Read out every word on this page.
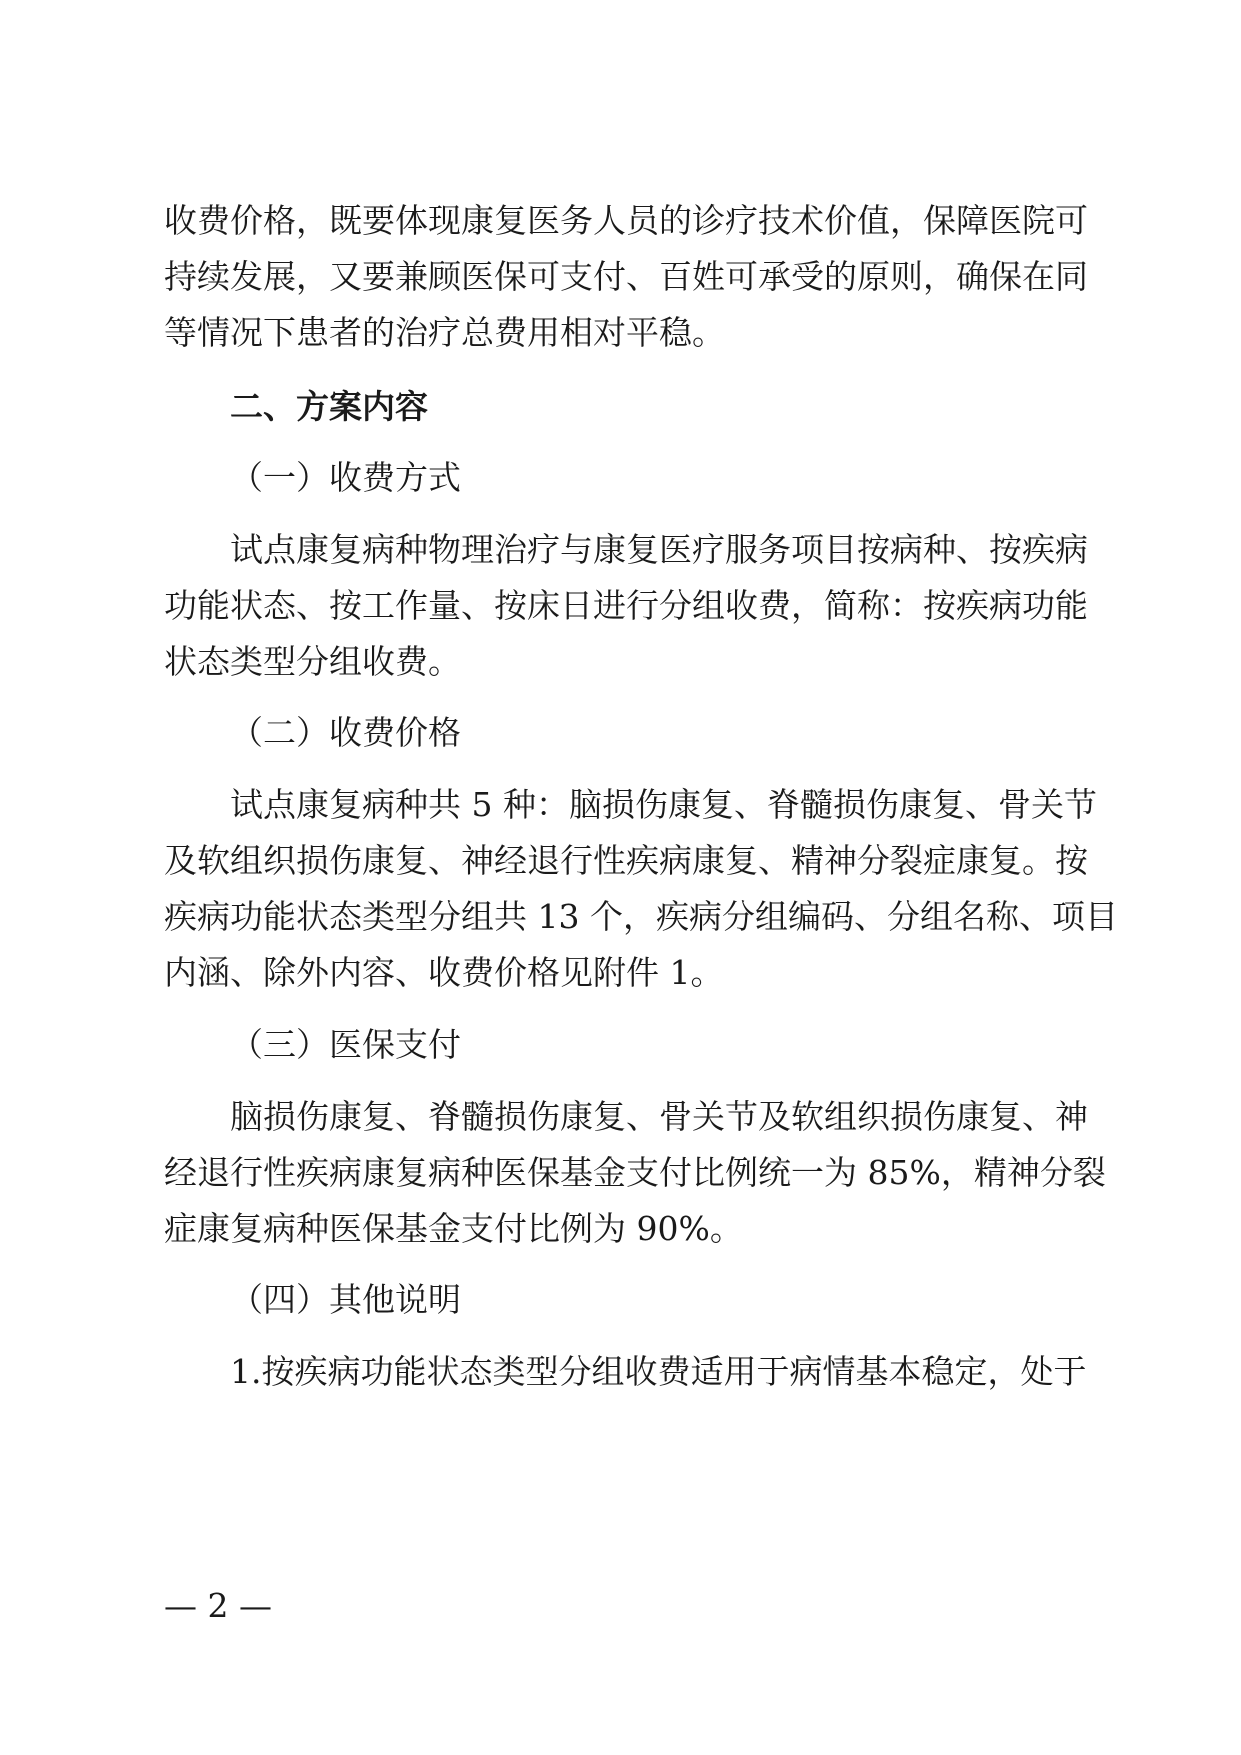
收费价格，既要体现康复医务人员的诊疗技术价值，保障医院可

持续发展，又要兼顾医保可支付、百姓可承受的原则，确保在同

等情况下患者的治疗总费用相对平稳。

二、方案内容

（一）收费方式

试点康复病种物理治疗与康复医疗服务项目按病种、按疾病

功能状态、按工作量、按床日进行分组收费，简称：按疾病功能

状态类型分组收费。

（二）收费价格

试点康复病种共 5 种：脑损伤康复、脊髓损伤康复、骨关节

及软组织损伤康复、神经退行性疾病康复、精神分裂症康复。按

疾病功能状态类型分组共 13 个，疾病分组编码、分组名称、项目

内涵、除外内容、收费价格见附件 1。

（三）医保支付

脑损伤康复、脊髓损伤康复、骨关节及软组织损伤康复、神

经退行性疾病康复病种医保基金支付比例统一为 85%，精神分裂

症康复病种医保基金支付比例为 90%。

（四）其他说明

1.按疾病功能状态类型分组收费适用于病情基本稳定，处于

— 2 —
